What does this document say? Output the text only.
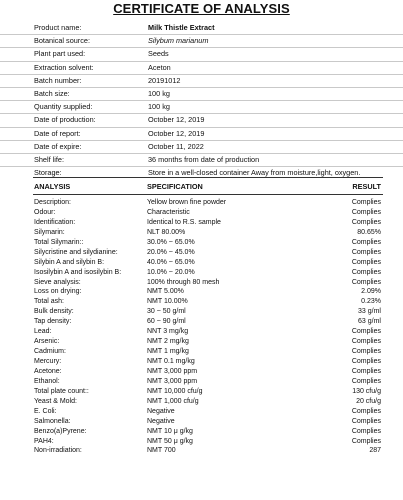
CERTIFICATE OF ANALYSIS
Product name:	Milk Thistle Extract
Botanical source:	Silybum marianum
Plant part used:	Seeds
Extraction solvent:	Aceton
Batch number:	20191012
Batch size:	100 kg
Quantity supplied:	100 kg
Date of production:	October 12, 2019
Date of report:	October 12, 2019
Date of expire:	October 11, 2022
Shelf life:	36 months from date of production
Storage:	Store in a well-closed container Away from moisture,light, oxygen.
ANALYSIS	SPECIFICATION	RESULT
Description:	Yellow brown fine powder	Complies
Odour:	Characteristic	Complies
Identification:	Identical to R.S. sample	Complies
Silymarin:	NLT 80.00%	80.65%
Total Silymarin::	30.0% ~ 65.0%	Complies
Silycristine and silydianine:	20.0% ~ 45.0%	Complies
Silybin A and silybin B:	40.0% ~ 65.0%	Complies
Isosilybin A and isosilybin B:	10.0% ~ 20.0%	Complies
Sieve analysis:	100% through 80 mesh	Complies
Loss on drying:	NMT 5.00%	2.09%
Total ash:	NMT 10.00%	0.23%
Bulk density:	30 ~ 50 g/ml	33 g/ml
Tap density:	60 ~ 90 g/ml	63 g/ml
Lead:	NNT 3 mg/kg	Complies
Arsenic:	NMT 2 mg/kg	Complies
Cadmium:	NMT 1 mg/kg	Complies
Mercury:	NMT 0.1 mg/kg	Complies
Acetone:	NMT 3,000 ppm	Complies
Ethanol:	NMT 3,000 ppm	Complies
Total plate count::	NMT 10,000 cfu/g	130 cfu/g
Yeast & Mold:	NMT 1,000 cfu/g	20 cfu/g
E. Coli:	Negative	Complies
Salmonella:	Negative	Complies
Benzo(a)Pyrene:	NMT 10 μ g/kg	Complies
PAH4:	NMT 50 μ g/kg	Complies
Non-irradiation:	NMT 700	287
